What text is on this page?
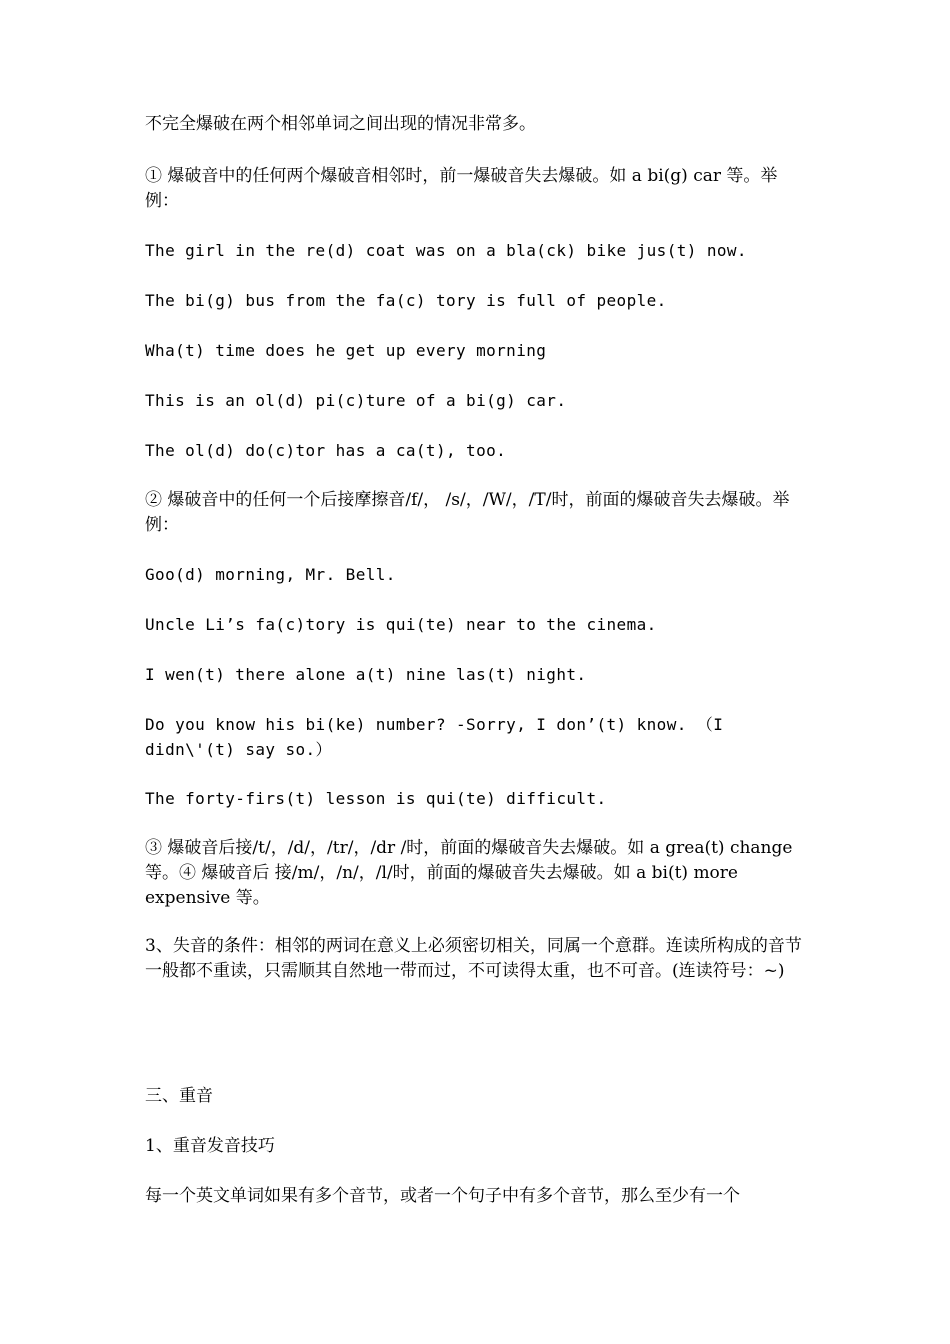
不完全爆破在两个相邻单词之间出现的情况非常多。

① 爆破音中的任何两个爆破音相邻时，前一爆破音失去爆破。如 a bi(g) car 等。举例：

The girl in the re(d) coat was on a bla(ck) bike jus(t) now.

The bi(g) bus from the fa(c) tory is full of people.

Wha(t) time does he get up every morning

This is an ol(d) pi(c)ture of a bi(g) car.

The ol(d) do(c)tor has a ca(t), too.

② 爆破音中的任何一个后接摩擦音/f/， /s/，/W/，/T/时，前面的爆破音失去爆破。举例：

Goo(d) morning, Mr. Bell.

Uncle Li’s fa(c)tory is qui(te) near to the cinema.

I wen(t) there alone a(t) nine las(t) night.

Do you know his bi(ke) number? -Sorry, I don’(t) know. （I didn\'(t) say so.）

The forty-firs(t) lesson is qui(te) difficult.

③ 爆破音后接/t/，/d/，/tr/，/dr /时，前面的爆破音失去爆破。如 a grea(t) change 等。④ 爆破音后 接/m/，/n/，/l/时，前面的爆破音失去爆破。如 a bi(t) more expensive 等。

3、失音的条件：相邻的两词在意义上必须密切相关，同属一个意群。连读所构成的音节一般都不重读，只需顺其自然地一带而过，不可读得太重，也不可音。(连读符号：~)

三、重音

1、重音发音技巧

每一个英文单词如果有多个音节，或者一个句子中有多个音节，那么至少有一个
